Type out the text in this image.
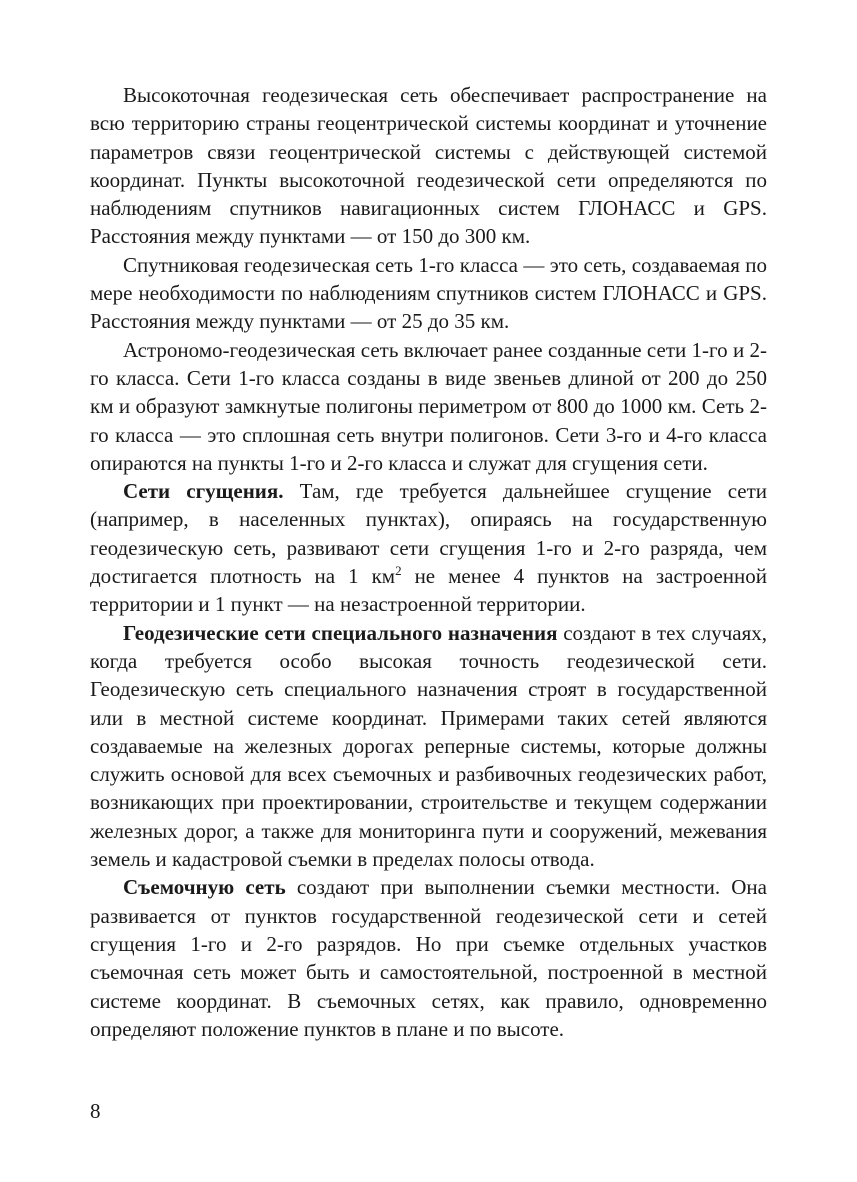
Высокоточная геодезическая сеть обеспечивает распространение на всю территорию страны геоцентрической системы координат и уточнение параметров связи геоцентрической системы с действующей системой координат. Пункты высокоточной геодезической сети определяются по наблюдениям спутников навигационных систем ГЛОНАСС и GPS. Расстояния между пунктами — от 150 до 300 км.

Спутниковая геодезическая сеть 1-го класса — это сеть, создаваемая по мере необходимости по наблюдениям спутников систем ГЛОНАСС и GPS. Расстояния между пунктами — от 25 до 35 км.

Астрономо-геодезическая сеть включает ранее созданные сети 1-го и 2-го класса. Сети 1-го класса созданы в виде звеньев длиной от 200 до 250 км и образуют замкнутые полигоны периметром от 800 до 1000 км. Сеть 2-го класса — это сплошная сеть внутри полигонов. Сети 3-го и 4-го класса опираются на пункты 1-го и 2-го класса и служат для сгущения сети.

Сети сгущения. Там, где требуется дальнейшее сгущение сети (например, в населенных пунктах), опираясь на государственную геодезическую сеть, развивают сети сгущения 1-го и 2-го разряда, чем достигается плотность на 1 $км^2$ не менее 4 пунктов на застроенной территории и 1 пункт — на незастроенной территории.

Геодезические сети специального назначения создают в тех случаях, когда требуется особо высокая точность геодезической сети. Геодезическую сеть специального назначения строят в государственной или в местной системе координат. Примерами таких сетей являются создаваемые на железных дорогах реперные системы, которые должны служить основой для всех съемочных и разбивочных геодезических работ, возникающих при проектировании, строительстве и текущем содержании железных дорог, а также для мониторинга пути и сооружений, межевания земель и кадастровой съемки в пределах полосы отвода.

Съемочную сеть создают при выполнении съемки местности. Она развивается от пунктов государственной геодезической сети и сетей сгущения 1-го и 2-го разрядов. Но при съемке отдельных участков съемочная сеть может быть и самостоятельной, построенной в местной системе координат. В съемочных сетях, как правило, одновременно определяют положение пунктов в плане и по высоте.

8
